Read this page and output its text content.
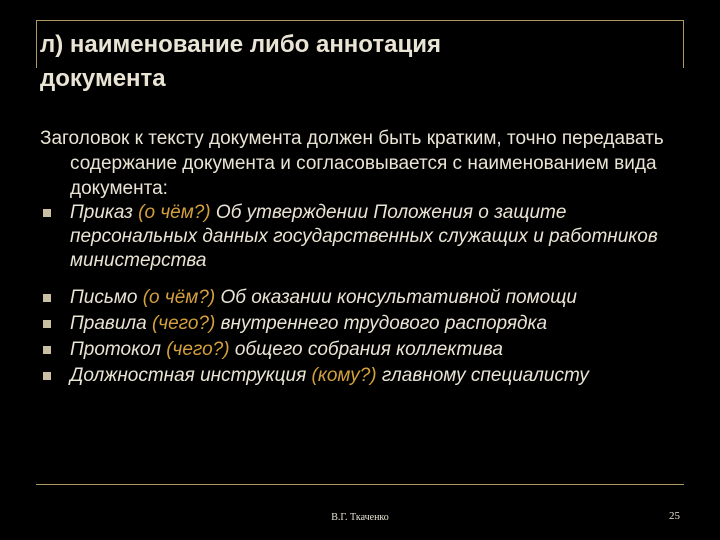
л) наименование либо аннотация
документа

Заголовок к тексту документа должен быть кратким, точно передавать содержание документа и согласовывается с наименованием вида документа:

Приказ (о чём?) Об утверждении Положения о защите персональных данных государственных служащих и работников министерства
Письмо (о чём?) Об оказании консультативной помощи
Правила (чего?) внутреннего трудового распорядка
Протокол (чего?) общего собрания коллектива
Должностная инструкция (кому?) главному специалисту
В.Г. Ткаченко	25
